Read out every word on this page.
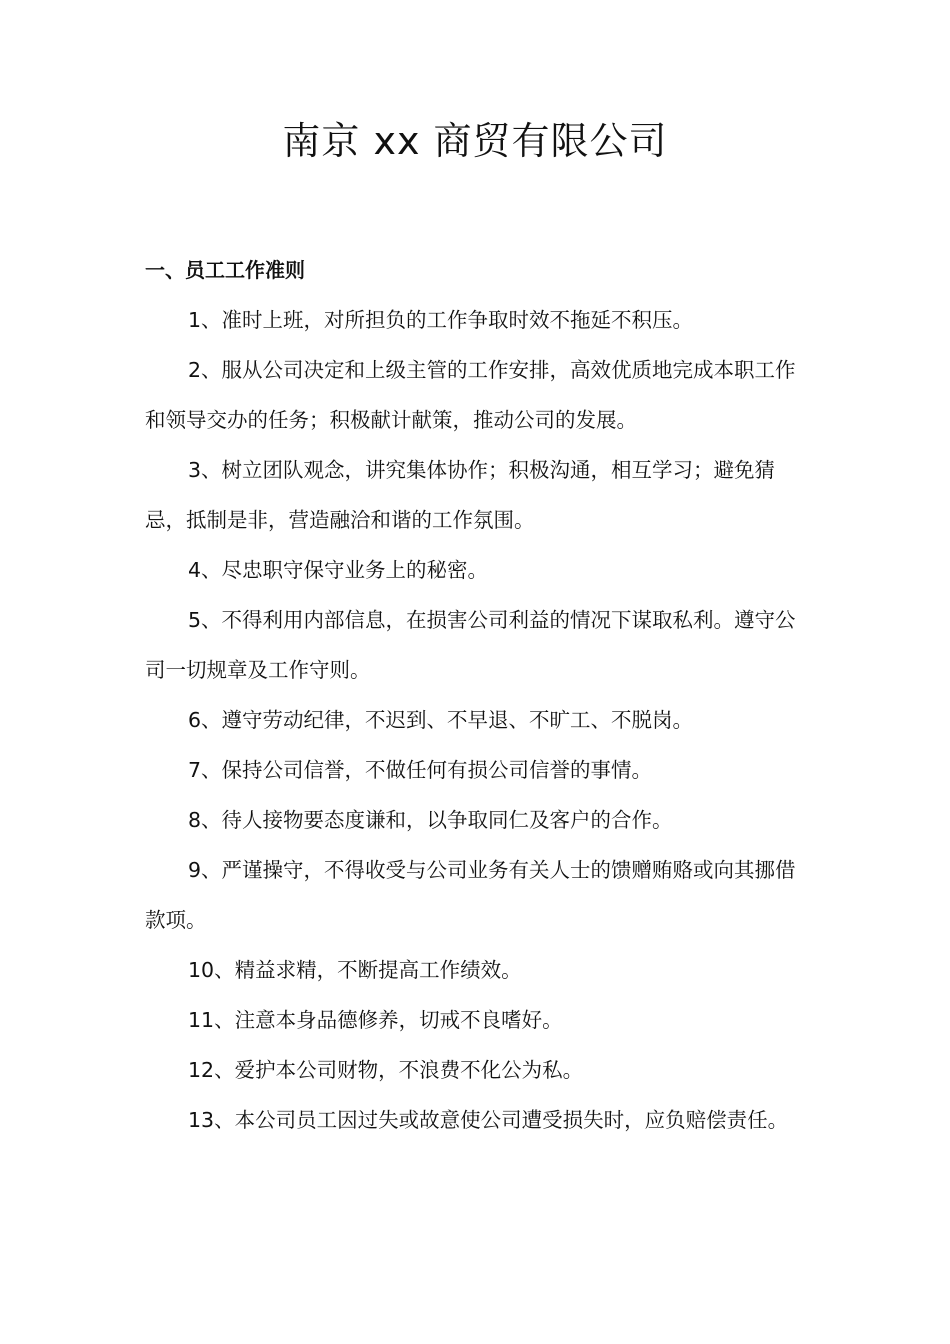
南京 xx 商贸有限公司
一、员工工作准则
1、准时上班，对所担负的工作争取时效不拖延不积压。
2、服从公司决定和上级主管的工作安排，高效优质地完成本职工作和领导交办的任务；积极献计献策，推动公司的发展。
3、树立团队观念，讲究集体协作；积极沟通，相互学习；避免猜忌，抵制是非，营造融洽和谐的工作氛围。
4、尽忠职守保守业务上的秘密。
5、不得利用内部信息，在损害公司利益的情况下谋取私利。遵守公司一切规章及工作守则。
6、遵守劳动纪律，不迟到、不早退、不旷工、不脱岗。
7、保持公司信誉，不做任何有损公司信誉的事情。
8、待人接物要态度谦和，以争取同仁及客户的合作。
9、严谨操守，不得收受与公司业务有关人士的馈赠贿赂或向其挪借款项。
10、精益求精，不断提高工作绩效。
11、注意本身品德修养，切戒不良嗜好。
12、爱护本公司财物，不浪费不化公为私。
13、本公司员工因过失或故意使公司遭受损失时，应负赔偿责任。
